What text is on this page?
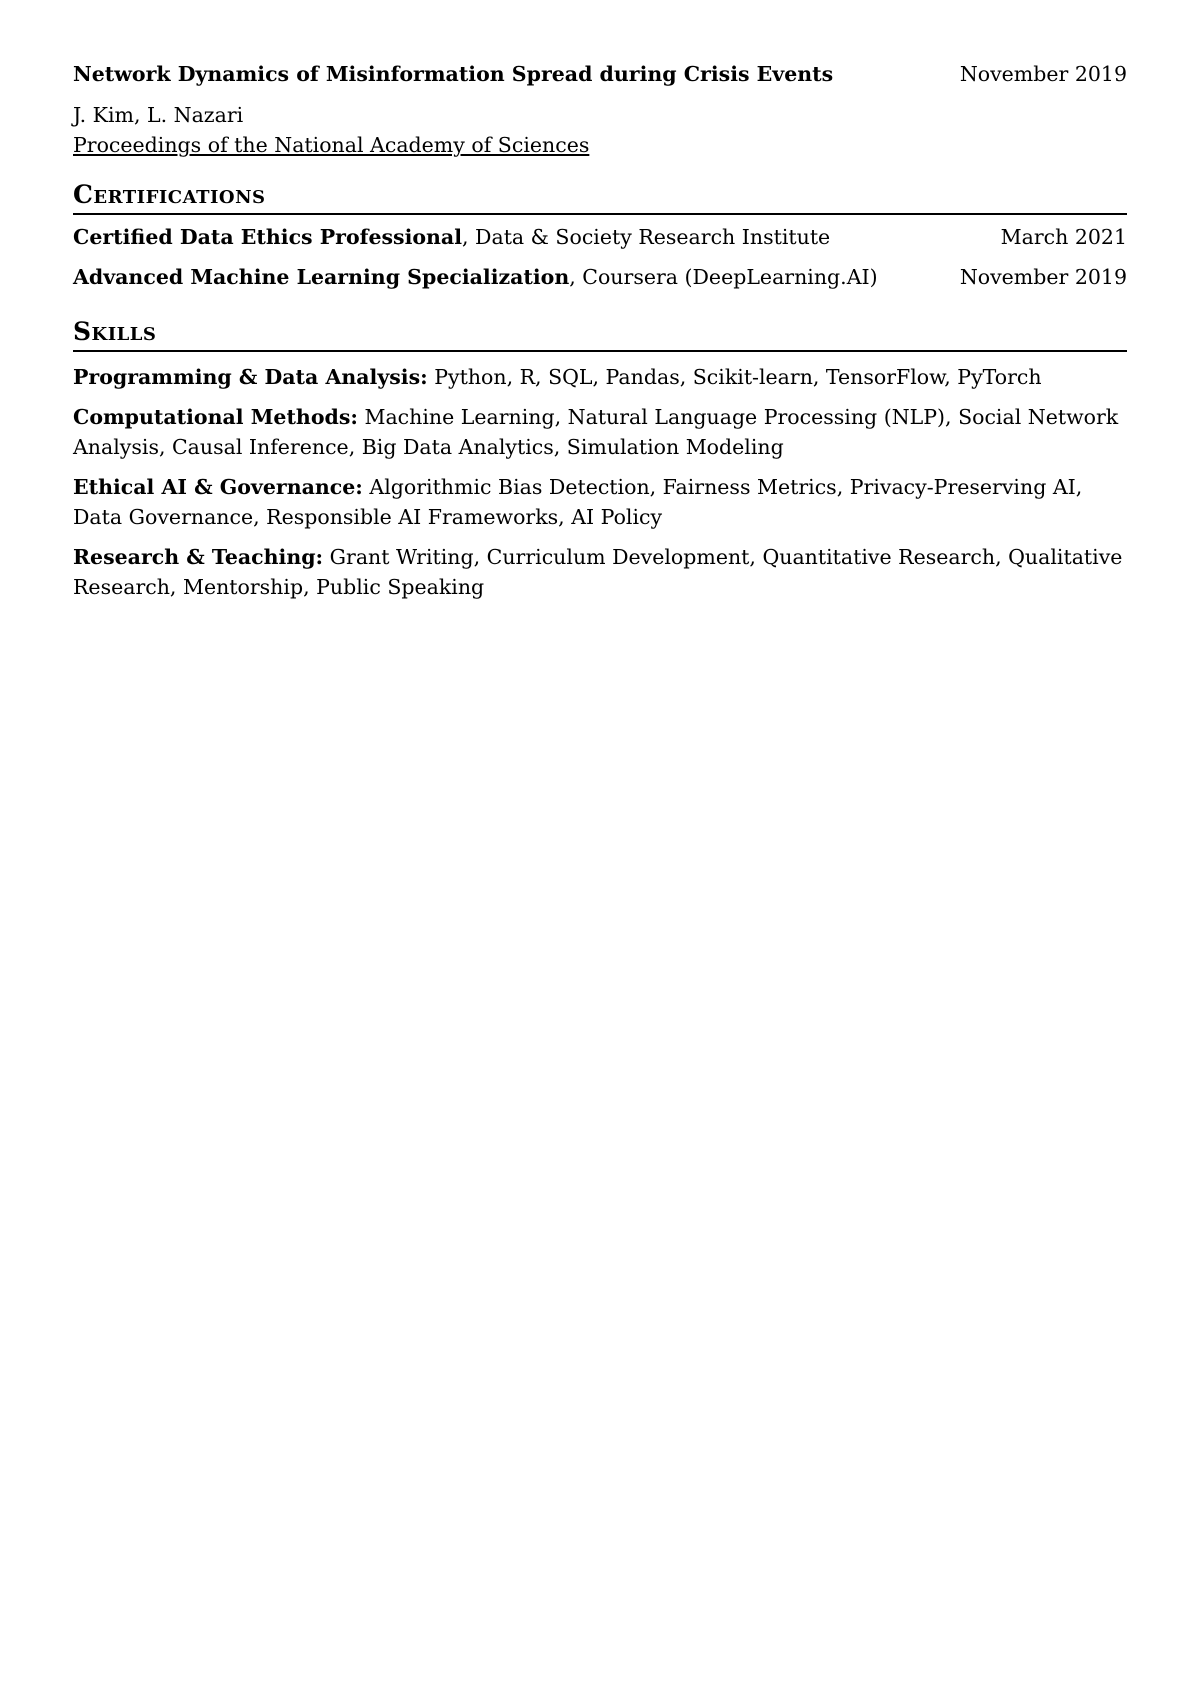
Network Dynamics of Misinformation Spread during Crisis Events	November 2019
J. Kim, L. Nazari
Proceedings of the National Academy of Sciences
Certifications
Certified Data Ethics Professional, Data & Society Research Institute	March 2021
Advanced Machine Learning Specialization, Coursera (DeepLearning.AI)	November 2019
Skills
Programming & Data Analysis: Python, R, SQL, Pandas, Scikit-learn, TensorFlow, PyTorch
Computational Methods: Machine Learning, Natural Language Processing (NLP), Social Network Analysis, Causal Inference, Big Data Analytics, Simulation Modeling
Ethical AI & Governance: Algorithmic Bias Detection, Fairness Metrics, Privacy-Preserving AI, Data Governance, Responsible AI Frameworks, AI Policy
Research & Teaching: Grant Writing, Curriculum Development, Quantitative Research, Qualitative Research, Mentorship, Public Speaking
